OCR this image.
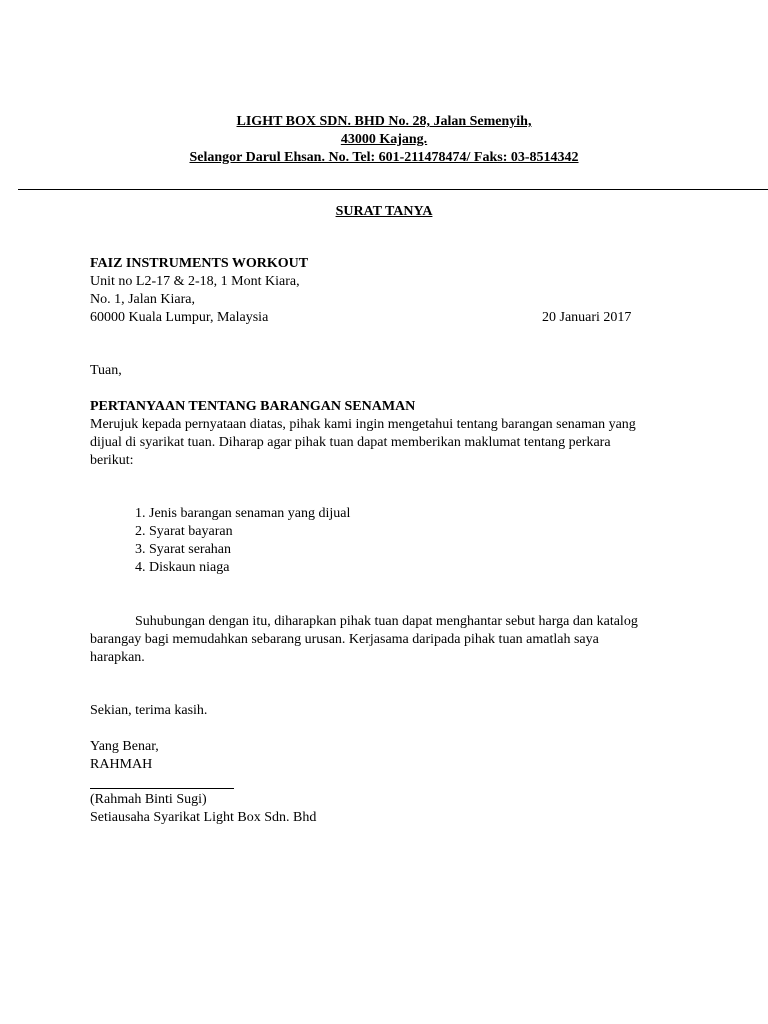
LIGHT BOX SDN. BHD No. 28, Jalan Semenyih,
43000 Kajang.
Selangor Darul Ehsan. No. Tel: 601-211478474/ Faks: 03-8514342
SURAT TANYA
FAIZ INSTRUMENTS WORKOUT
Unit no L2-17 & 2-18, 1 Mont Kiara,
No. 1, Jalan Kiara,
60000 Kuala Lumpur, Malaysia	20 Januari 2017
Tuan,
PERTANYAAN TENTANG BARANGAN SENAMAN
Merujuk kepada pernyataan diatas, pihak kami ingin mengetahui tentang barangan senaman yang
dijual di syarikat tuan. Diharap agar pihak tuan dapat memberikan maklumat tentang perkara
berikut:
1. Jenis barangan senaman yang dijual
2. Syarat bayaran
3. Syarat serahan
4. Diskaun niaga
Suhubungan dengan itu, diharapkan pihak tuan dapat menghantar sebut harga dan katalog
barangay bagi memudahkan sebarang urusan. Kerjasama daripada pihak tuan amatlah saya
harapkan.
Sekian, terima kasih.
Yang Benar,
RAHMAH
(Rahmah Binti Sugi)
Setiausaha Syarikat Light Box Sdn. Bhd
